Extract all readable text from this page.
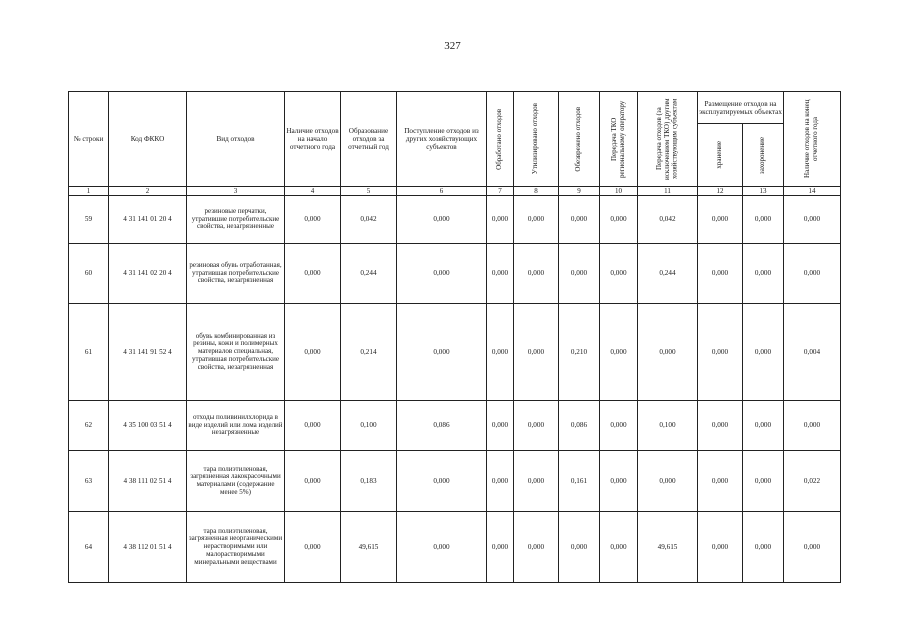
327
№ строки	Код ФККО	Вид отходов	Наличие отходов на начало отчетного года	Образование отходов за отчетный год	Поступление отходов из других хозяйствующих субъектов	Обработано отходов	Утилизировано отходов	Обезврежено отходов	Передача ТКО региональному оператору	Передача отходов (за исключением ТКО) другим хозяйствующим субъектам	Размещение отходов на эксплуатируемых объектах		Наличие отходов на конец отчетного года

											хранение	захоронение	

1	2	3	4	5	6	7	8	9	10	11	12	13	14
59	4 31 141 01 20 4	резиновые перчатки, утратившие потребительские свойства, незагрязненные	0,000	0,042	0,000	0,000	0,000	0,000	0,000	0,042	0,000	0,000	0,000
60	4 31 141 02 20 4	резиновая обувь отработанная, утратившая потребительские свойства, незагрязненная	0,000	0,244	0,000	0,000	0,000	0,000	0,000	0,244	0,000	0,000	0,000
61	4 31 141 91 52 4	обувь комбинированная из резины, кожи и полимерных материалов специальная, утратившая потребительские свойства, незагрязненная	0,000	0,214	0,000	0,000	0,000	0,210	0,000	0,000	0,000	0,000	0,004
62	4 35 100 03 51 4	отходы поливинилхлорида в виде изделий или лома изделий незагрязненные	0,000	0,100	0,086	0,000	0,000	0,086	0,000	0,100	0,000	0,000	0,000
63	4 38 111 02 51 4	тара полиэтиленовая, загрязненная лакокрасочными материалами (содержание менее 5%)	0,000	0,183	0,000	0,000	0,000	0,161	0,000	0,000	0,000	0,000	0,022
64	4 38 112 01 51 4	тара полиэтиленовая, загрязненная неорганическими нерастворимыми или малорастворимыми минеральными веществами	0,000	49,615	0,000	0,000	0,000	0,000	0,000	49,615	0,000	0,000	0,000
